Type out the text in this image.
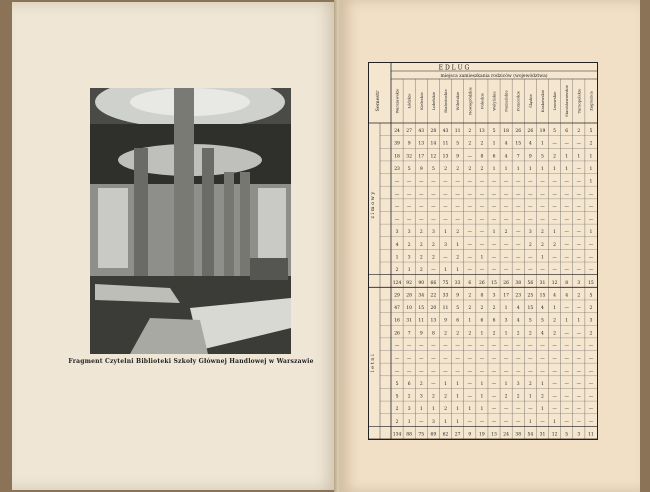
Fragment Czytelni Biblioteki Szkoły Głównej Handlowej w Warszawie
E D L U G
miejsca zamieszkania rodziców (województwa)
Semestr	Warszawskie Łódzkie Kieleckie Lubelskie Białostockie Wileńskie Nowogródzkie Poleskie Wołyńskie Poznańskie Pomorskie Śląskie Krakowskie Lwowskie Stanisławowskie Tarnopolskie Zagranica
z i m o w y
24 27 43 28 43 11 2 13 5 18 26 26 19 5 6 2 5
39 9 13 14 11 5 2 2 1 4 15 4 1 — — — 2
18 32 17 12 13 9 — 8 6 4 7 9 5 2 1 1 1
23 5 9 5 2 2 2 2 1 1 1 1 1 1 1 — 1
— — — — — — — — — — — — — — — — 1
— — — — — — — — — — — — — — — — —
— — — — — — — — — — — — — — — — —
— — — — — — — — — — — — — — — — —
3 3 2 3 1 2 — — 1 2 — 3 2 1 — — 1
4 2 2 2 3 1 — — — — — 2 2 2 — — —
1 3 2 2 — 2 — 1 — — — — 1 — — — —
2 1 2 — 1 1 — — — — — — — — — — —
124 92 90 66 75 33 6 26 15 26 38 56 31 12 8 3 15
l e t n i
29 28 34 22 33 9 2 8 3 17 23 25 15 4 4 2 5
47 10 15 20 11 5 2 2 2 1 4 15 4 1 — — 2
16 31 11 13 9 6 1 6 6 3 4 5 5 2 1 1 3
26 7 9 8 2 2 2 1 2 1 2 2 4 2 — — 2
— — — — — — — — — — — — — — — — —
— — — — — — — — — — — — — — — — —
— — — — — — — — — — — — — — — — —
5 6 2 — 1 1 — 1 — 1 3 2 1 — — — —
5 2 3 2 2 1 — 1 — 2 2 1 2 — — — —
2 3 1 1 2 1 1 1 — — — — 1 — — — —
2 1 — 3 1 1 — — — — — 1 — 1 — — —
134 88 75 69 62 27 9 19 13 24 38 54 31 12 5 3 11
